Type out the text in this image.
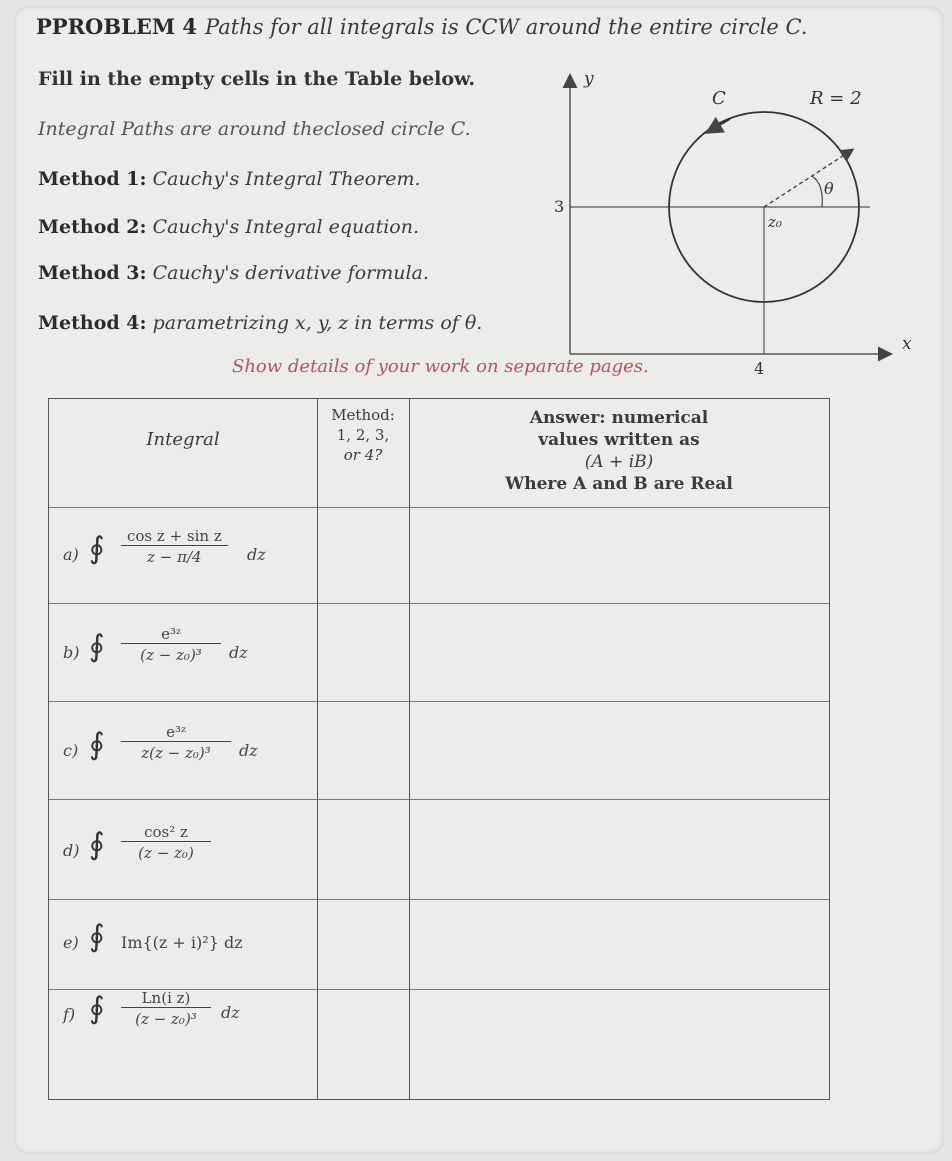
PPROBLEM 4 Paths for all integrals is CCW around the entire circle C.
Fill in the empty cells in the Table below.
Integral Paths are around theclosed circle C.
Method 1: Cauchy's Integral Theorem.
Method 2: Cauchy's Integral equation.
Method 3: Cauchy's derivative formula.
Method 4: parametrizing x, y, z in terms of θ.
Show details of your work on separate pages.
y
x
C	R = 2
θ
z₀
3
4
Integral
Method:
1, 2, 3,
or 4?
Answer: numerical
values written as
(A + iB)
Where A and B are Real
a) ∮ $\frac{\text{cos z + sin z}}{z - \pi/4}$ dz
b) ∮ $\frac{\text{e³ᶻ}}{\text{(z − z₀)³}}$ dz
c) ∮ $\frac{\text{e³ᶻ}}{\text{z(z − z₀)³}}$ dz
d) ∮ $\frac{\text{cos² z}}{\text{(z − z₀)}}$
e) ∮ Im{(z + i)²} dz
f) ∮ $\frac{\text{Ln(i z)}}{\text{(z − z₀)³}}$ dz
